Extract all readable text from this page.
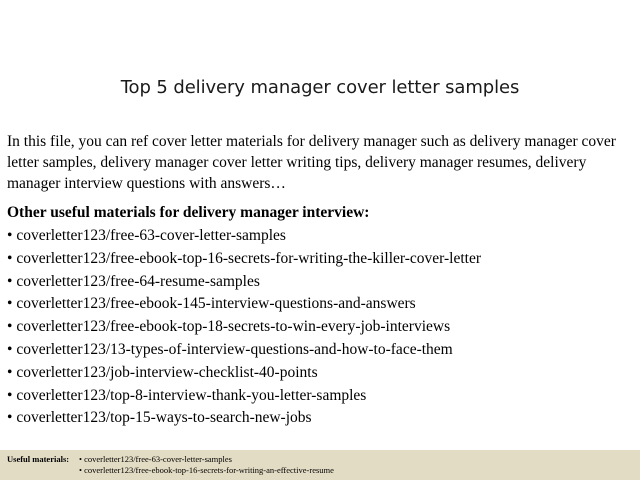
Top 5 delivery manager cover letter samples

In this file, you can ref cover letter materials for delivery manager such as delivery manager cover letter samples, delivery manager cover letter writing tips, delivery manager resumes, delivery manager interview questions with answers…

Other useful materials for delivery manager interview:

• coverletter123/free-63-cover-letter-samples
• coverletter123/free-ebook-top-16-secrets-for-writing-the-killer-cover-letter
• coverletter123/free-64-resume-samples
• coverletter123/free-ebook-145-interview-questions-and-answers
• coverletter123/free-ebook-top-18-secrets-to-win-every-job-interviews
• coverletter123/13-types-of-interview-questions-and-how-to-face-them
• coverletter123/job-interview-checklist-40-points
• coverletter123/top-8-interview-thank-you-letter-samples
• coverletter123/top-15-ways-to-search-new-jobs
Useful materials:
•	coverletter123/free-63-cover-letter-samples
• coverletter123/free-ebook-top-16-secrets-for-writing-an-effective-resume
